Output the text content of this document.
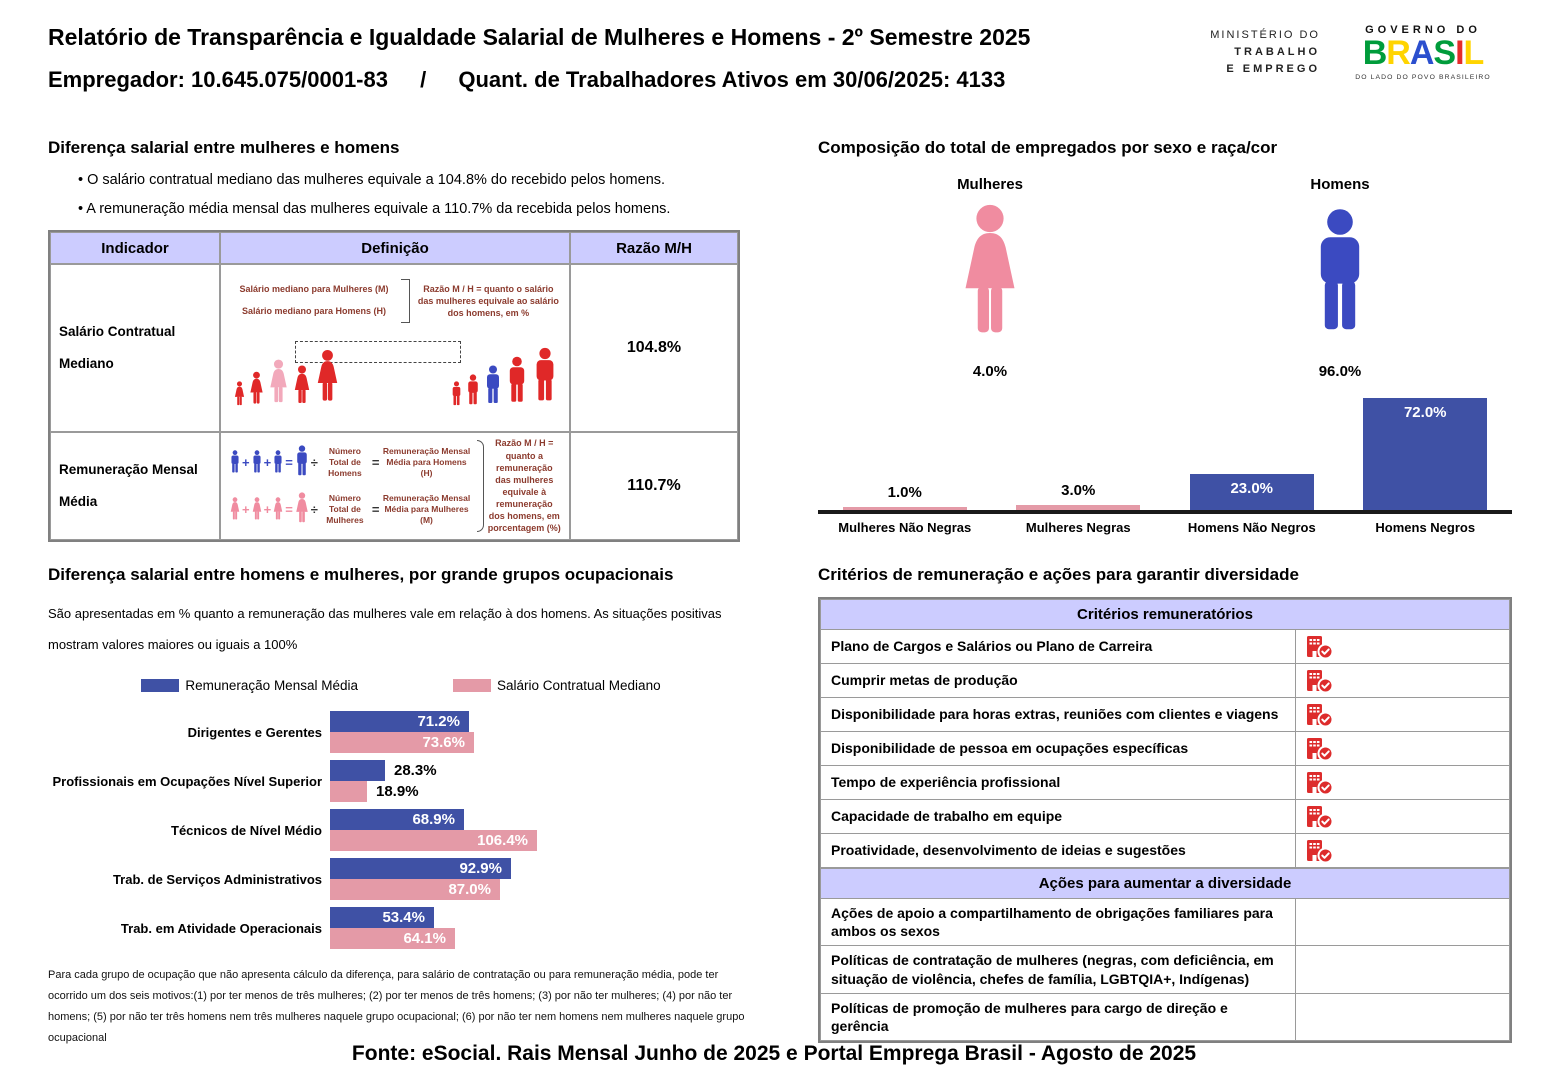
Relatório de Transparência e Igualdade Salarial de Mulheres e Homens - 2º Semestre 2025
Empregador: 10.645.075/0001-83 / Quant. de Trabalhadores Ativos em 30/06/2025: 4133
MINISTÉRIO DO
TRABALHO
E EMPREGO
GOVERNO DO
BRASIL
DO LADO DO POVO BRASILEIRO
Diferença salarial entre mulheres e homens
• O salário contratual mediano das mulheres equivale a 104.8% do recebido pelos homens.
• A remuneração média mensal das mulheres equivale a 110.7% da recebida pelos homens.
Indicador	Definição	Razão M/H
Salário Contratual Mediano
Salário mediano para Mulheres (M)
Salário mediano para Homens (H)
Razão M / H = quanto o salário das mulheres equivale ao salário dos homens, em %
104.8%
Remuneração Mensal
Média
+ + = ÷
Número Total de Homens
=
Remuneração Mensal Média para Homens (H)
+ + = ÷
Número Total de Mulheres
=
Remuneração Mensal Média para Mulheres (M)
Razão M / H = quanto a remuneração das mulheres equivale à remuneração dos homens, em porcentagem (%)
110.7%
Composição do total de empregados por sexo e raça/cor
Mulheres
4.0%
Homens
96.0%
1.0%	3.0%	23.0%
72.0%
Mulheres Não Negras	Mulheres Negras	Homens Não Negros	Homens Negros
Diferença salarial entre homens e mulheres, por grande grupos ocupacionais
São apresentadas em % quanto a remuneração das mulheres vale em relação à dos homens. As situações positivas
mostram valores maiores ou iguais a 100%
Remuneração Mensal Média	Salário Contratual Mediano
Dirigentes e Gerentes
71.2%
73.6%
Profissionais em Ocupações Nível Superior
28.3%
18.9%
Técnicos de Nível Médio
68.9%
106.4%
Trab. de Serviços Administrativos
92.9%
87.0%
Trab. em Atividade Operacionais
53.4%
64.1%
Para cada grupo de ocupação que não apresenta cálculo da diferença, para salário de contratação ou para remuneração média, pode ter ocorrido um dos seis motivos:(1) por ter menos de três mulheres; (2) por ter menos de três homens; (3) por não ter mulheres; (4) por não ter homens; (5) por não ter três homens nem três mulheres naquele grupo ocupacional; (6) por não ter nem homens nem mulheres naquele grupo ocupacional
Critérios de remuneração e ações para garantir diversidade
Critérios remuneratórios
Plano de Cargos e Salários ou Plano de Carreira
Cumprir metas de produção
Disponibilidade para horas extras, reuniões com clientes e viagens
Disponibilidade de pessoa em ocupações específicas
Tempo de experiência profissional
Capacidade de trabalho em equipe
Proatividade, desenvolvimento de ideias e sugestões
Ações para aumentar a diversidade
Ações de apoio a compartilhamento de obrigações familiares para ambos os sexos
Políticas de contratação de mulheres (negras, com deficiência, em situação de violência, chefes de família, LGBTQIA+, Indígenas)
Políticas de promoção de mulheres para cargo de direção e gerência
Fonte: eSocial. Rais Mensal Junho de 2025 e Portal Emprega Brasil - Agosto de 2025
